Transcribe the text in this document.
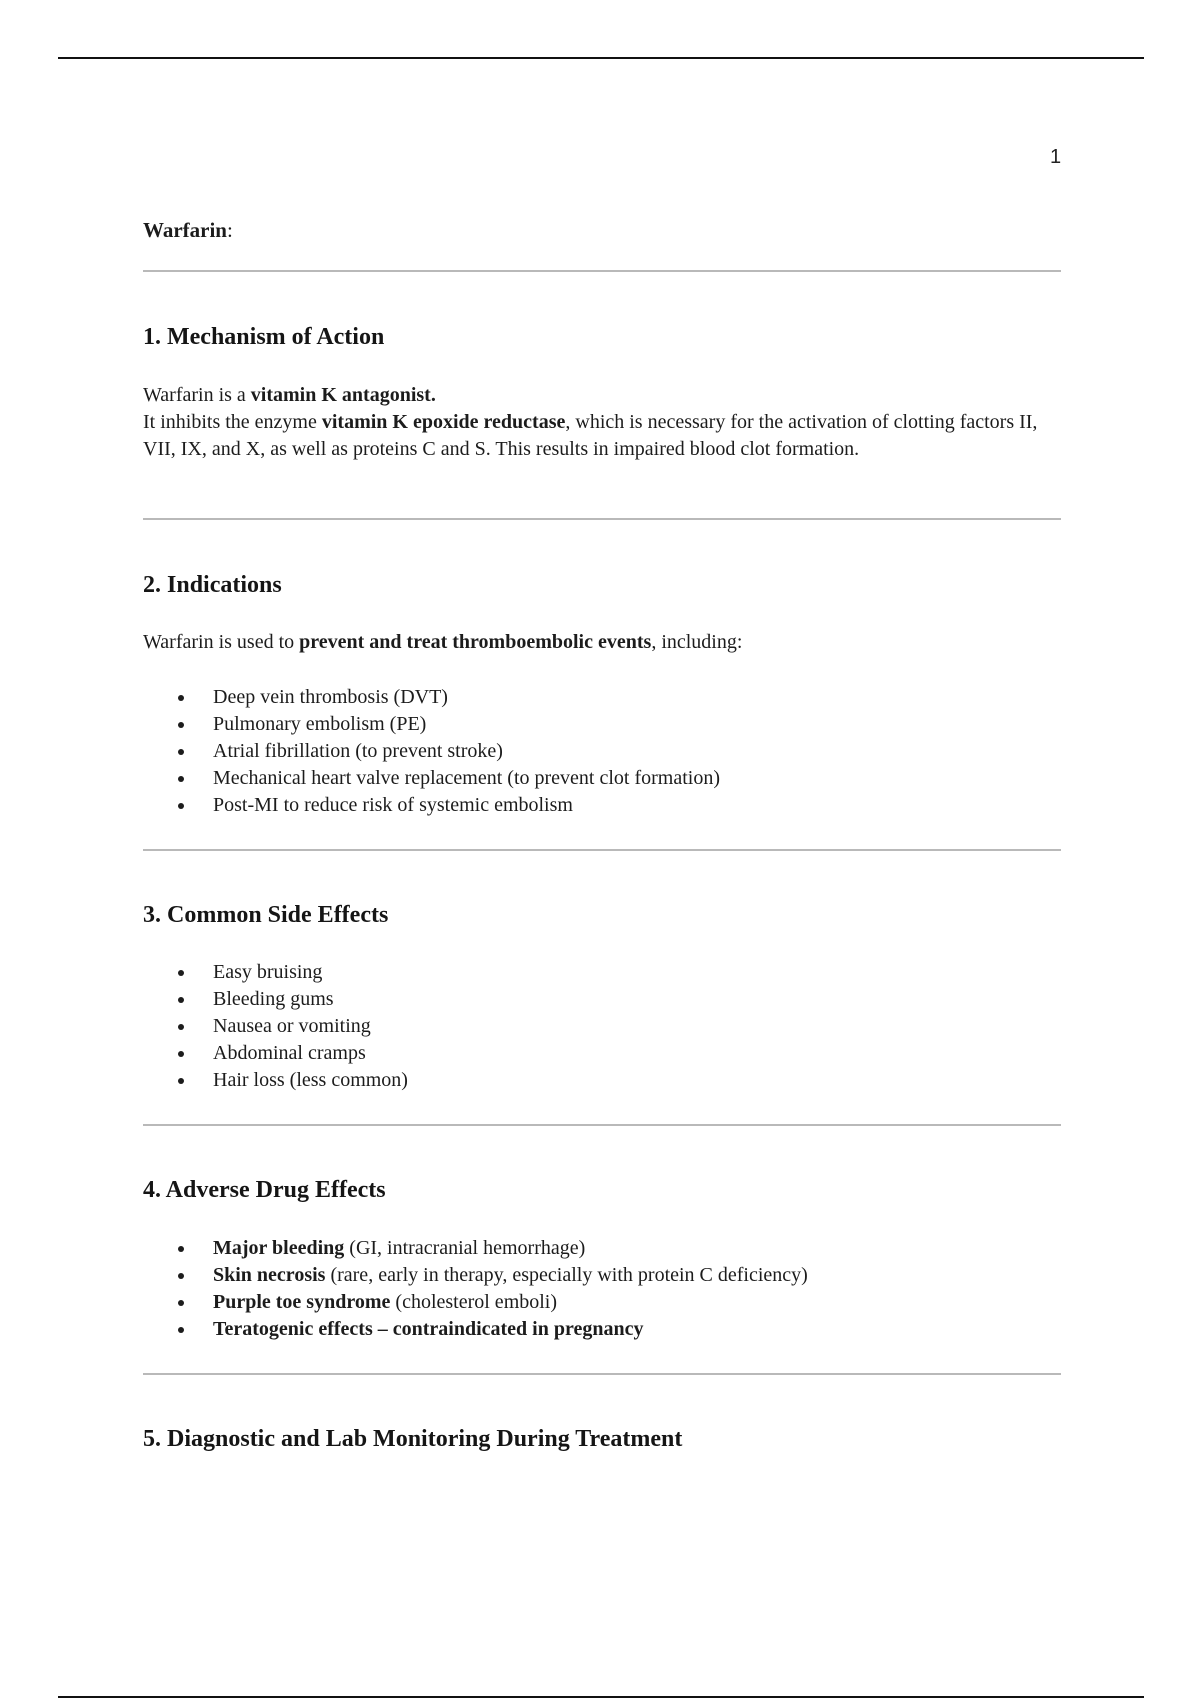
1
Warfarin:
1. Mechanism of Action

Warfarin is a vitamin K antagonist.
It inhibits the enzyme vitamin K epoxide reductase, which is necessary for the activation of clotting factors II, VII, IX, and X, as well as proteins C and S. This results in impaired blood clot formation.

2. Indications

Warfarin is used to prevent and treat thromboembolic events, including:

Deep vein thrombosis (DVT)
Pulmonary embolism (PE)
Atrial fibrillation (to prevent stroke)
Mechanical heart valve replacement (to prevent clot formation)
Post-MI to reduce risk of systemic embolism
3. Common Side Effects
Easy bruising
Bleeding gums
Nausea or vomiting
Abdominal cramps
Hair loss (less common)
4. Adverse Drug Effects
Major bleeding (GI, intracranial hemorrhage)
Skin necrosis (rare, early in therapy, especially with protein C deficiency)
Purple toe syndrome (cholesterol emboli)
Teratogenic effects – contraindicated in pregnancy
5. Diagnostic and Lab Monitoring During Treatment
